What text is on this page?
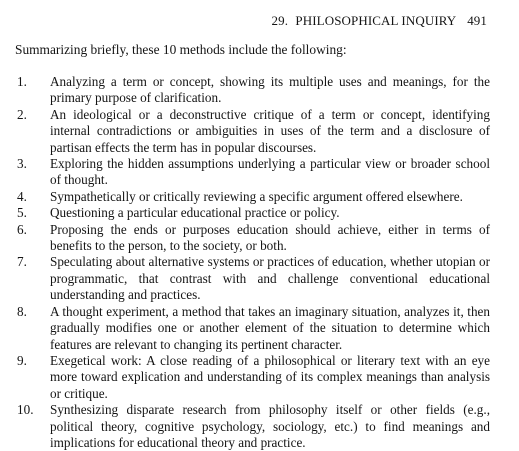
29. PHILOSOPHICAL INQUIRY 491
Summarizing briefly, these 10 methods include the following:
1.	Analyzing a term or concept, showing its multiple uses and meanings, for the primary purpose of clarification.
2.	An ideological or a deconstructive critique of a term or concept, identifying internal contradictions or ambiguities in uses of the term and a disclosure of partisan effects the term has in popular discourses.
3.	Exploring the hidden assumptions underlying a particular view or broader school of thought.
4.	Sympathetically or critically reviewing a specific argument offered elsewhere.
5.	Questioning a particular educational practice or policy.
6.	Proposing the ends or purposes education should achieve, either in terms of benefits to the person, to the society, or both.
7.	Speculating about alternative systems or practices of education, whether utopian or programmatic, that contrast with and challenge conventional educational understanding and practices.
8.	A thought experiment, a method that takes an imaginary situation, analyzes it, then gradually modifies one or another element of the situation to determine which features are relevant to changing its pertinent character.
9.	Exegetical work: A close reading of a philosophical or literary text with an eye more toward explication and understanding of its complex meanings than analysis or critique.
10.	Synthesizing disparate research from philosophy itself or other fields (e.g., political theory, cognitive psychology, sociology, etc.) to find meanings and implications for educational theory and practice.
